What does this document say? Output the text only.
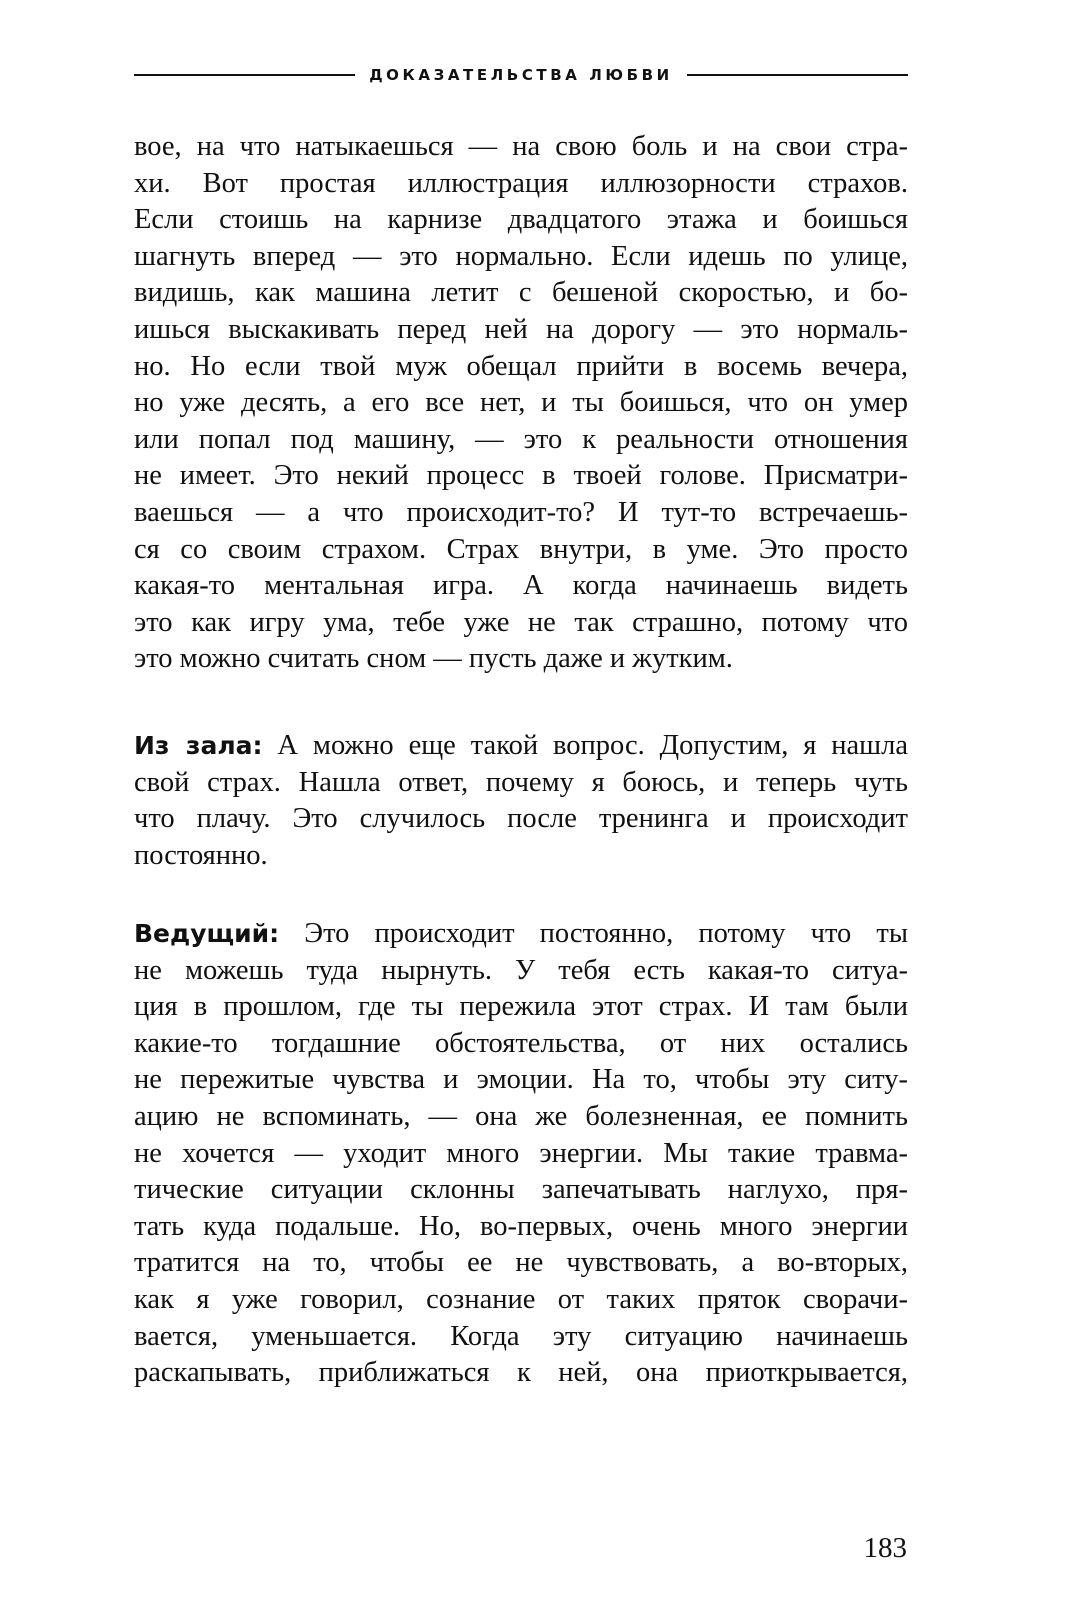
ДОКАЗАТЕЛЬСТВА ЛЮБВИ
вое, на что натыкаешься — на свою боль и на свои стра-
хи. Вот простая иллюстрация иллюзорности страхов.
Если стоишь на карнизе двадцатого этажа и боишься
шагнуть вперед — это нормально. Если идешь по улице,
видишь, как машина летит с бешеной скоростью, и бо-
ишься выскакивать перед ней на дорогу — это нормаль-
но. Но если твой муж обещал прийти в восемь вечера,
но уже десять, а его все нет, и ты боишься, что он умер
или попал под машину, — это к реальности отношения
не имеет. Это некий процесс в твоей голове. Присматри-
ваешься — а что происходит-то? И тут-то встречаешь-
ся со своим страхом. Страх внутри, в уме. Это просто
какая-то ментальная игра. А когда начинаешь видеть
это как игру ума, тебе уже не так страшно, потому что
это можно считать сном — пусть даже и жутким.
Из зала: А можно еще такой вопрос. Допустим, я нашла
свой страх. Нашла ответ, почему я боюсь, и теперь чуть
что плачу. Это случилось после тренинга и происходит
постоянно.
Ведущий: Это происходит постоянно, потому что ты
не можешь туда нырнуть. У тебя есть какая-то ситуа-
ция в прошлом, где ты пережила этот страх. И там были
какие-то тогдашние обстоятельства, от них остались
не пережитые чувства и эмоции. На то, чтобы эту ситу-
ацию не вспоминать, — она же болезненная, ее помнить
не хочется — уходит много энергии. Мы такие травма-
тические ситуации склонны запечатывать наглухо, пря-
тать куда подальше. Но, во-первых, очень много энергии
тратится на то, чтобы ее не чувствовать, а во-вторых,
как я уже говорил, сознание от таких пряток сворачи-
вается, уменьшается. Когда эту ситуацию начинаешь
раскапывать, приближаться к ней, она приоткрывается,
183
